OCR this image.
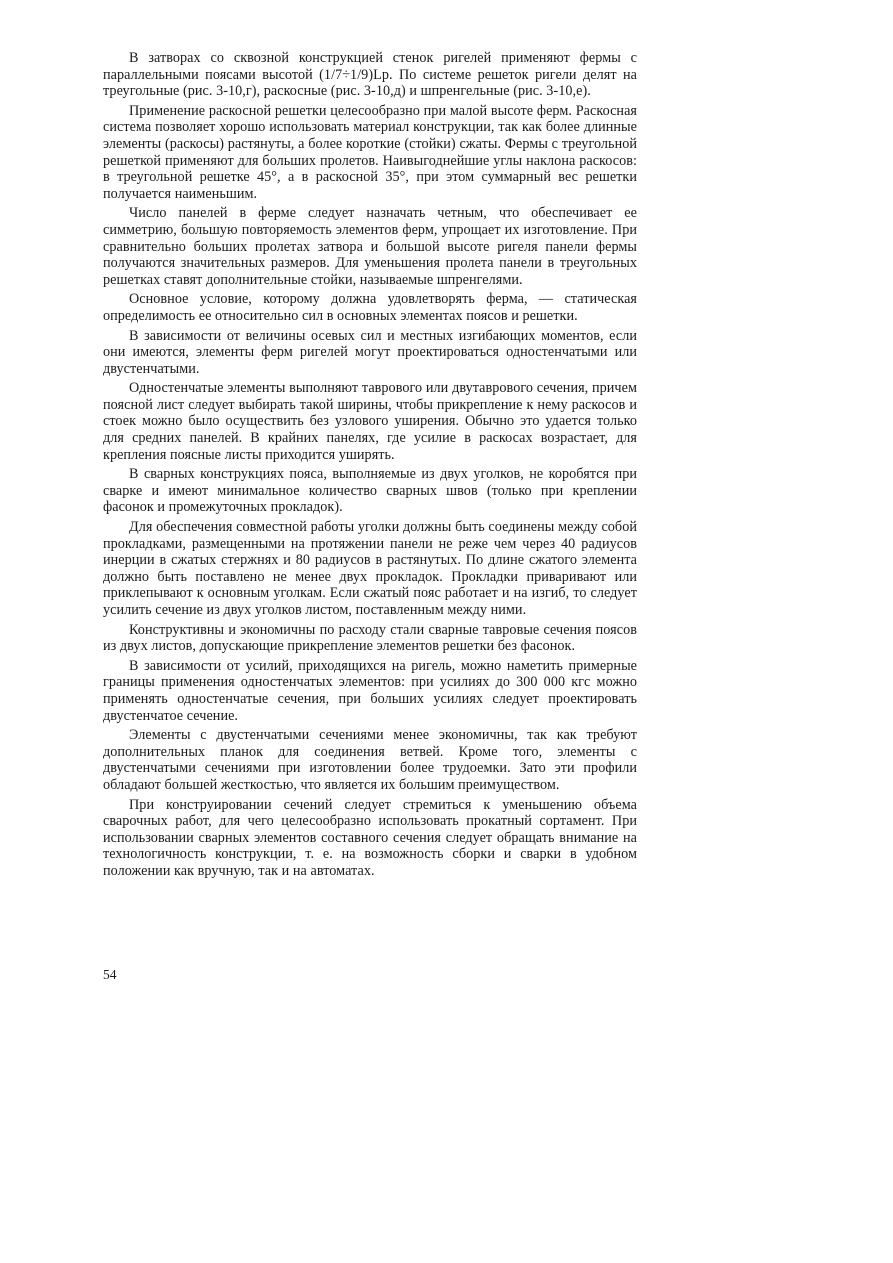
В затворах со сквозной конструкцией стенок ригелей применяют фермы с параллельными поясами высотой (1/7÷1/9)Lр. По системе решеток ригели делят на треугольные (рис. 3-10,г), раскосные (рис. 3-10,д) и шпренгельные (рис. 3-10,е).

Применение раскосной решетки целесообразно при малой высоте ферм. Раскосная система позволяет хорошо использовать материал конструкции, так как более длинные элементы (раскосы) растянуты, а более короткие (стойки) сжаты. Фермы с треугольной решеткой применяют для больших пролетов. Наивыгоднейшие углы наклона раскосов: в треугольной решетке 45°, а в раскосной 35°, при этом суммарный вес решетки получается наименьшим.

Число панелей в ферме следует назначать четным, что обеспечивает ее симметрию, большую повторяемость элементов ферм, упрощает их изготовление. При сравнительно больших пролетах затвора и большой высоте ригеля панели фермы получаются значительных размеров. Для уменьшения пролета панели в треугольных решетках ставят дополнительные стойки, называемые шпренгелями.

Основное условие, которому должна удовлетворять ферма, — статическая определимость ее относительно сил в основных элементах поясов и решетки.

В зависимости от величины осевых сил и местных изгибающих моментов, если они имеются, элементы ферм ригелей могут проектироваться одностенчатыми или двустенчатыми.

Одностенчатые элементы выполняют таврового или двутаврового сечения, причем поясной лист следует выбирать такой ширины, чтобы прикрепление к нему раскосов и стоек можно было осуществить без узлового уширения. Обычно это удается только для средних панелей. В крайних панелях, где усилие в раскосах возрастает, для крепления поясные листы приходится уширять.

В сварных конструкциях пояса, выполняемые из двух уголков, не коробятся при сварке и имеют минимальное количество сварных швов (только при креплении фасонок и промежуточных прокладок).

Для обеспечения совместной работы уголки должны быть соединены между собой прокладками, размещенными на протяжении панели не реже чем через 40 радиусов инерции в сжатых стержнях и 80 радиусов в растянутых. По длине сжатого элемента должно быть поставлено не менее двух прокладок. Прокладки приваривают или приклепывают к основным уголкам. Если сжатый пояс работает и на изгиб, то следует усилить сечение из двух уголков листом, поставленным между ними.

Конструктивны и экономичны по расходу стали сварные тавровые сечения поясов из двух листов, допускающие прикрепление элементов решетки без фасонок.

В зависимости от усилий, приходящихся на ригель, можно наметить примерные границы применения одностенчатых элементов: при усилиях до 300 000 кгс можно применять одностенчатые сечения, при больших усилиях следует проектировать двустенчатое сечение.

Элементы с двустенчатыми сечениями менее экономичны, так как требуют дополнительных планок для соединения ветвей. Кроме того, элементы с двустенчатыми сечениями при изготовлении более трудоемки. Зато эти профили обладают большей жесткостью, что является их большим преимуществом.

При конструировании сечений следует стремиться к уменьшению объема сварочных работ, для чего целесообразно использовать прокатный сортамент. При использовании сварных элементов составного сечения следует обращать внимание на технологичность конструкции, т. е. на возможность сборки и сварки в удобном положении как вручную, так и на автоматах.

54
